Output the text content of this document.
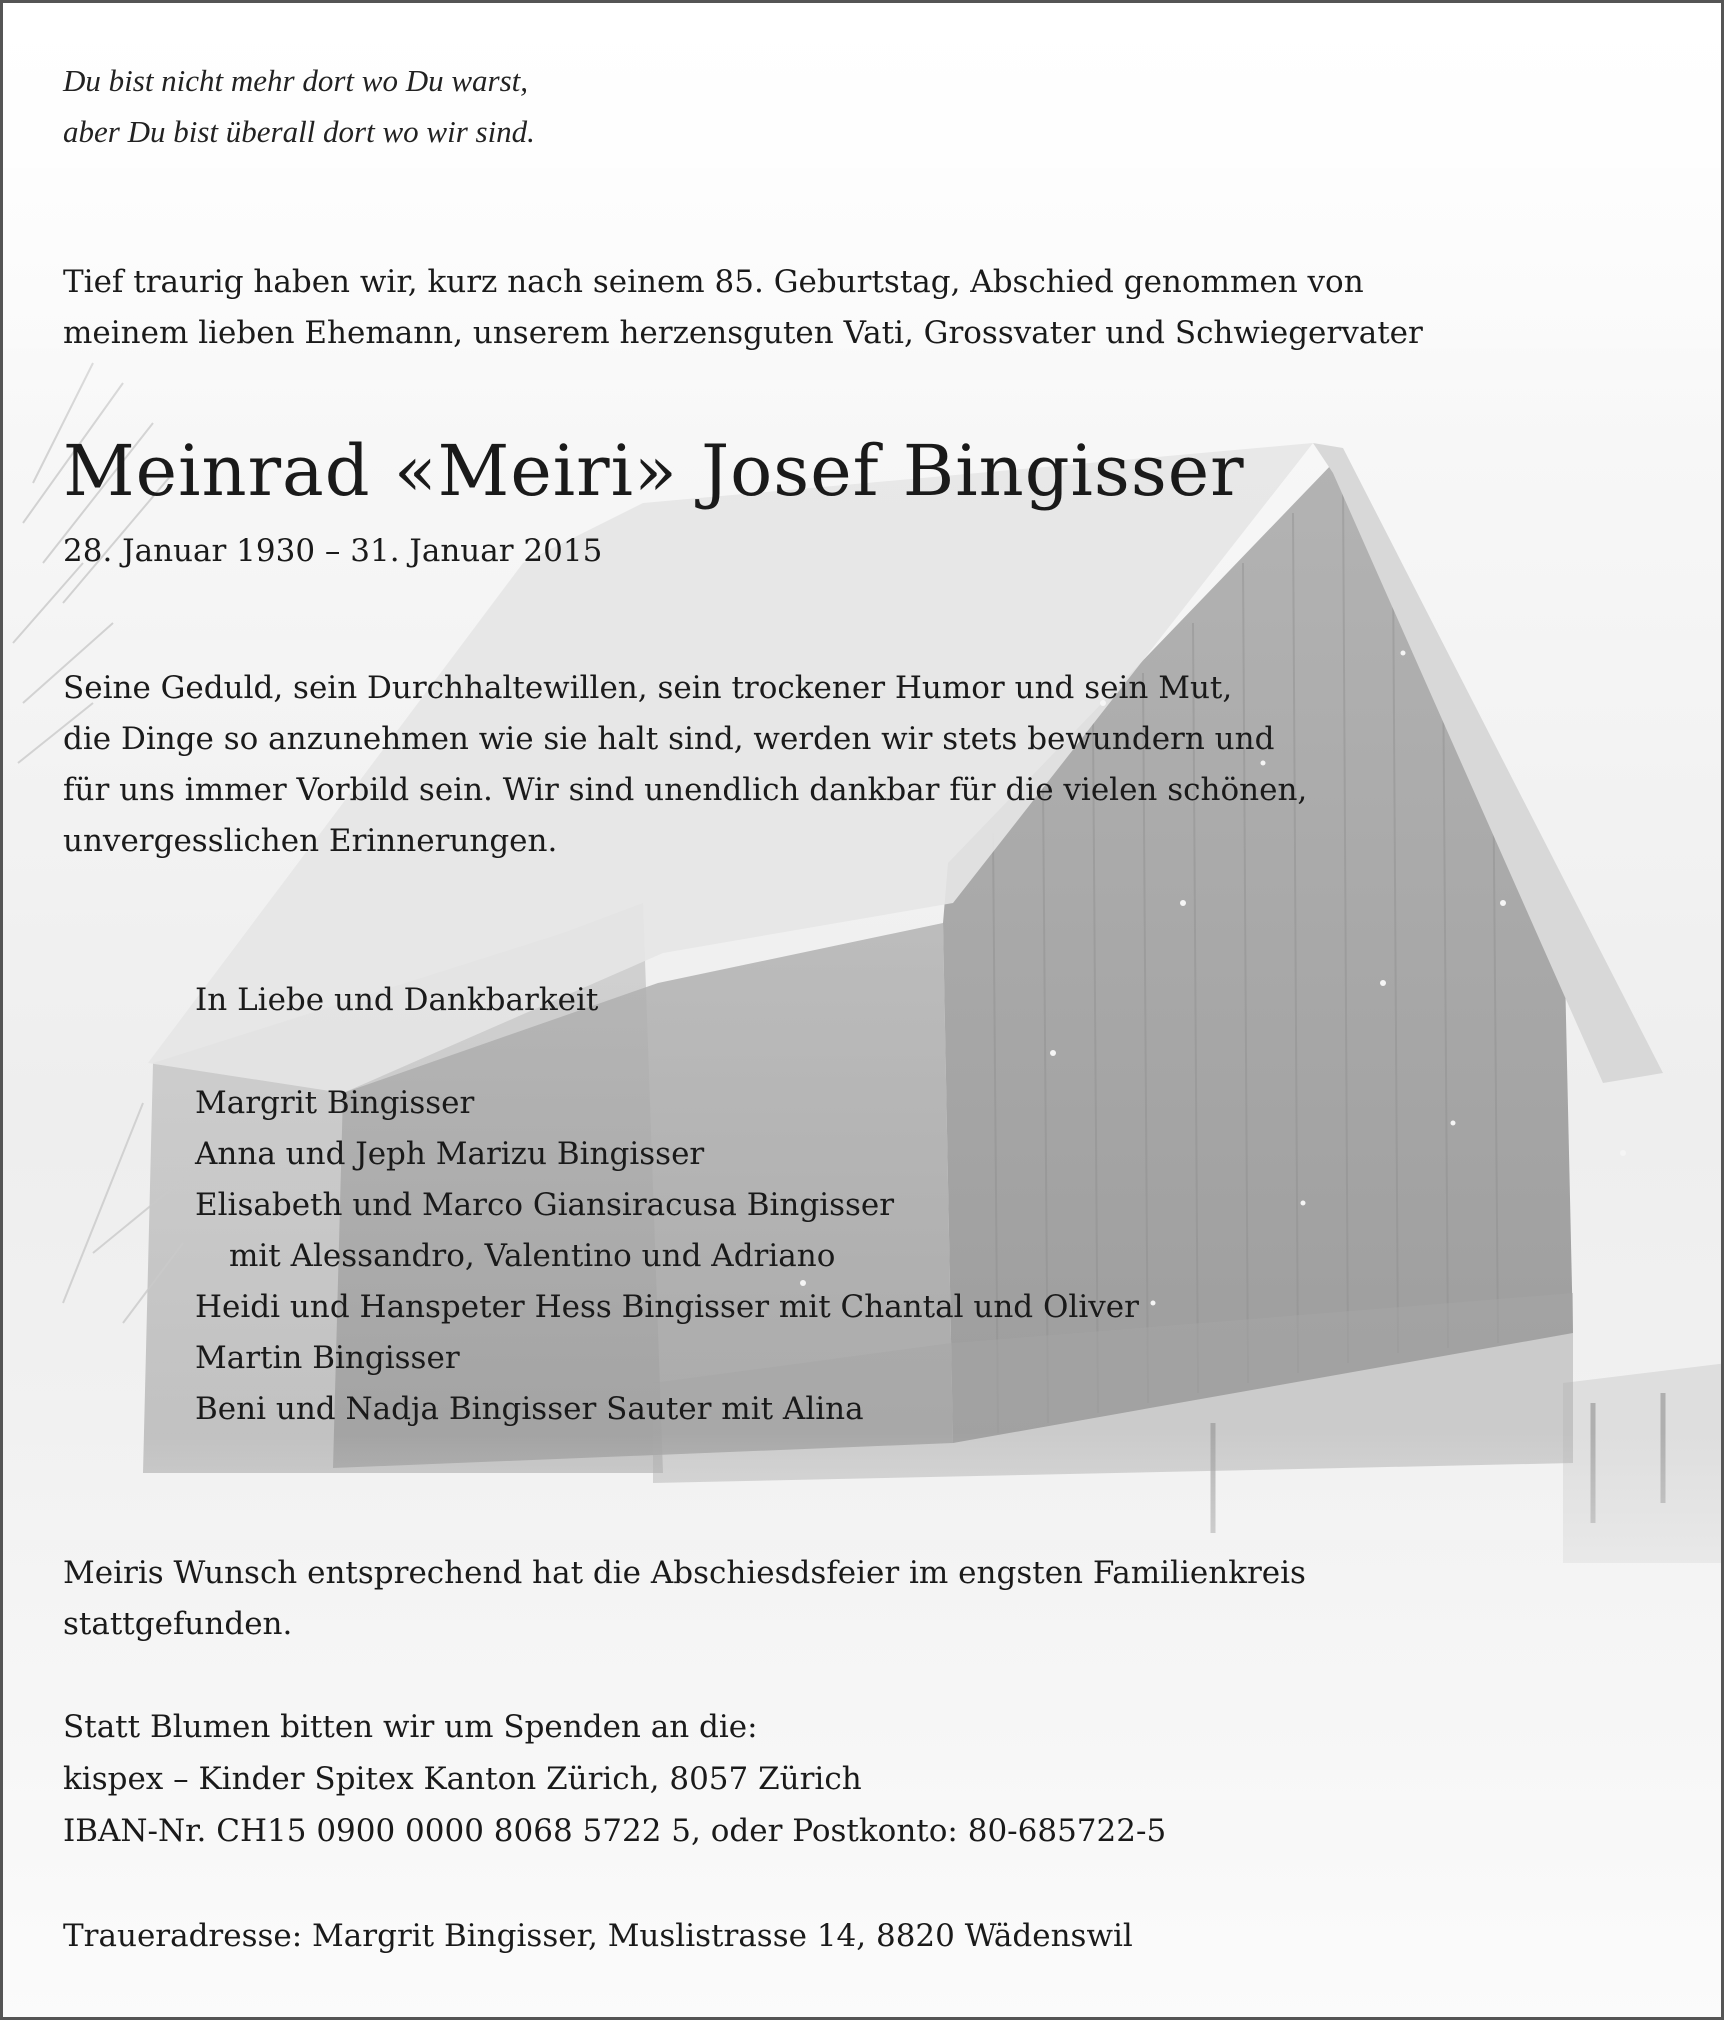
Du bist nicht mehr dort wo Du warst,
aber Du bist überall dort wo wir sind.

Tief traurig haben wir, kurz nach seinem 85. Geburtstag, Abschied genommen von
meinem lieben Ehemann, unserem herzensguten Vati, Grossvater und Schwiegervater

Meinrad «Meiri» Josef Bingisser

28. Januar 1930 – 31. Januar 2015

Seine Geduld, sein Durchhaltewillen, sein trockener Humor und sein Mut,
die Dinge so anzunehmen wie sie halt sind, werden wir stets bewundern und
für uns immer Vorbild sein. Wir sind unendlich dankbar für die vielen schönen,
unvergesslichen Erinnerungen.

In Liebe und Dankbarkeit

Margrit Bingisser
Anna und Jeph Marizu Bingisser
Elisabeth und Marco Giansiracusa Bingisser
mit Alessandro, Valentino und Adriano
Heidi und Hanspeter Hess Bingisser mit Chantal und Oliver
Martin Bingisser
Beni und Nadja Bingisser Sauter mit Alina

Meiris Wunsch entsprechend hat die Abschiesdsfeier im engsten Familienkreis
stattgefunden.

Statt Blumen bitten wir um Spenden an die:
kispex – Kinder Spitex Kanton Zürich, 8057 Zürich
IBAN-Nr. CH15 0900 0000 8068 5722 5, oder Postkonto: 80-685722-5

Traueradresse: Margrit Bingisser, Muslistrasse 14, 8820 Wädenswil
